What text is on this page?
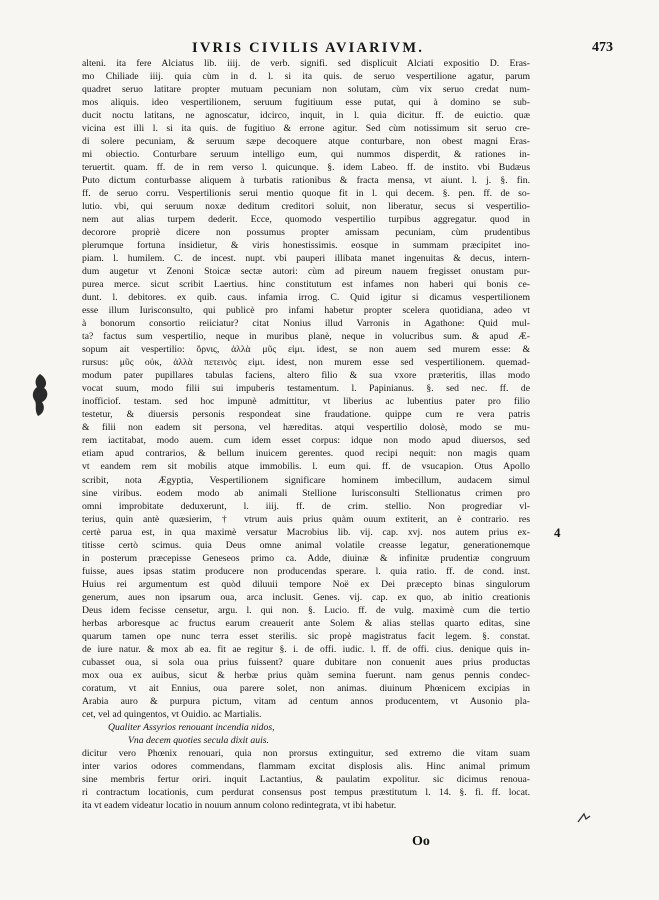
IVRIS CIVILIS AVIARIVM.	473
alteni. ita fere Alciatus lib. iiij. de verb. signifi. sed displicuit Alciati expositio D. Eras-
mo Chiliade iiij. quia cùm in d. l. si ita quis. de seruo vespertilione agatur, parum
quadret seruo latitare propter mutuam pecuniam non solutam, cùm vix seruo credat num-
mos aliquis. ideo vespertilionem, seruum fugitiuum esse putat, qui à domino se sub-
ducit noctu latitans, ne agnoscatur, idcirco, inquit, in l. quia dicitur. ff. de euictio. quæ
vicina est illi l. si ita quis. de fugitiuo & errone agitur. Sed cùm notissimum sit seruo cre-
di solere pecuniam, & seruum sæpe decoquere atque conturbare, non obest magni Eras-
mi obiectio. Conturbare seruum intelligo eum, qui nummos disperdit, & rationes in-
teruertit. quam. ff. de in rem verso l. quicunque. §. idem Labeo. ff. de instito. vbi Budæus
Puto dictum conturbasse aliquem à turbatis rationibus & fracta mensa, vt aiunt. l. j. §. fin.
ff. de seruo corru. Vespertilionis serui mentio quoque fit in l. qui decem. §. pen. ff. de so-
lutio. vbi, qui seruum noxæ deditum creditori soluit, non liberatur, secus si vespertilio-
nem aut alias turpem dederit. Ecce, quomodo vespertilio turpibus aggregatur. quod in
decorore propriè dicere non possumus propter amissam pecuniam, cùm prudentibus
plerumque fortuna insidietur, & viris honestissimis. eosque in summam præcipitet ino-
piam. l. humilem. C. de incest. nupt. vbi pauperi illibata manet ingenuitas & decus, intern-
dum augetur vt Zenoni Stoicæ sectæ autori: cùm ad pireum nauem fregisset onustam pur-
purea merce. sicut scribit Laertius. hinc constitutum est infames non haberi qui bonis ce-
dunt. l. debitores. ex quib. caus. infamia irrog. C. Quid igitur si dicamus vespertilionem
esse illum Iurisconsulto, qui publicè pro infami habetur propter scelera quotidiana, adeo vt
à bonorum consortio reiiciatur? citat Nonius illud Varronis in Agathone: Quid mul-
ta? factus sum vespertilio, neque in muribus planè, neque in volucribus sum. & apud Æ-
sopum ait vespertilio: ὄρνις, ἀλλὰ μῦς εἰμι. idest, se non auem sed murem esse: &
rursus: μῦς οὐκ, ἀλλὰ πετεινὸς εἰμι. idest, non murem esse sed vespertilionem. quemad-
modum pater pupillares tabulas faciens, altero filio & sua vxore præteritis, illas modo
vocat suum, modo filii sui impuberis testamentum. l. Papinianus. §. sed nec. ff. de
inofficiof. testam. sed hoc impunè admittitur, vt liberius ac lubentius pater pro filio
testetur, & diuersis personis respondeat sine fraudatione. quippe cum re vera patris
& filii non eadem sit persona, vel hæreditas. atqui vespertilio dolosè, modo se mu-
rem iactitabat, modo auem. cum idem esset corpus: idque non modo apud diuersos, sed
etiam apud contrarios, & bellum inuicem gerentes. quod recipi nequit: non magis quam
vt eandem rem sit mobilis atque immobilis. l. eum qui. ff. de vsucapion. Otus Apollo
scribit, nota Ægyptia, Vespertilionem significare hominem imbecillum, audacem simul
sine viribus. eodem modo ab animali Stellione Iurisconsulti Stellionatus crimen pro
omni improbitate deduxerunt, l. iiij. ff. de crim. stellio. Non progrediar vl-
terius, quin antè quæsierim, † vtrum auis prius quàm ouum extiterit, an è contrario. res
certè parua est, in qua maximè versatur Macrobius lib. vij. cap. xvj. nos autem prius ex-
titisse certò scimus. quia Deus omne animal volatile creasse legatur, generationemque
in posterum præcepisse Geneseos primo ca. Adde, diuinæ & infinitæ prudentiæ congruum
fuisse, aues ipsas statim producere non producendas sperare. l. quia ratio. ff. de cond. inst.
Huius rei argumentum est quòd diluuii tempore Noë ex Dei præcepto binas singulorum
generum, aues non ipsarum oua, arca inclusit. Genes. vij. cap. ex quo, ab initio creationis
Deus idem fecisse censetur, argu. l. qui non. §. Lucio. ff. de vulg. maximè cum die tertio
herbas arboresque ac fructus earum creauerit ante Solem & alias stellas quarto editas, sine
quarum tamen ope nunc terra esset sterilis. sic propè magistratus facit legem. §. constat.
de iure natur. & mox ab ea. fit ae regitur §. i. de offi. iudic. l. ff. de offi. cius. denique quis in-
cubasset oua, si sola oua prius fuissent? quare dubitare non conuenit aues prius productas
mox oua ex auibus, sicut & herbæ prius quàm semina fuerunt. nam genus pennis condec-
coratum, vt ait Ennius, oua parere solet, non animas. diuinum Phœnicem excipias in
Arabia auro & purpura pictum, vitam ad centum annos producentem, vt Ausonio pla-
cet, vel ad quingentos, vt Ouidio. ac Martialis.
Qualiter Assyrios renouant incendia nidos,
Vna decem quoties secula dixit auis.
dicitur vero Phœnix renouari, quia non prorsus extinguitur, sed extremo die vitam suam
inter varios odores commendans, flammam excitat displosis alis. Hinc animal primum
sine membris fertur oriri. inquit Lactantius, & paulatim expolitur. sic dicimus renoua-
ri contractum locationis, cum perdurat consensus post tempus præstitutum l. 14. §. fi. ff. locat.
ita vt eadem videatur locatio in nouum annum colono redintegrata, vt ibi habetur.
4
Oo
